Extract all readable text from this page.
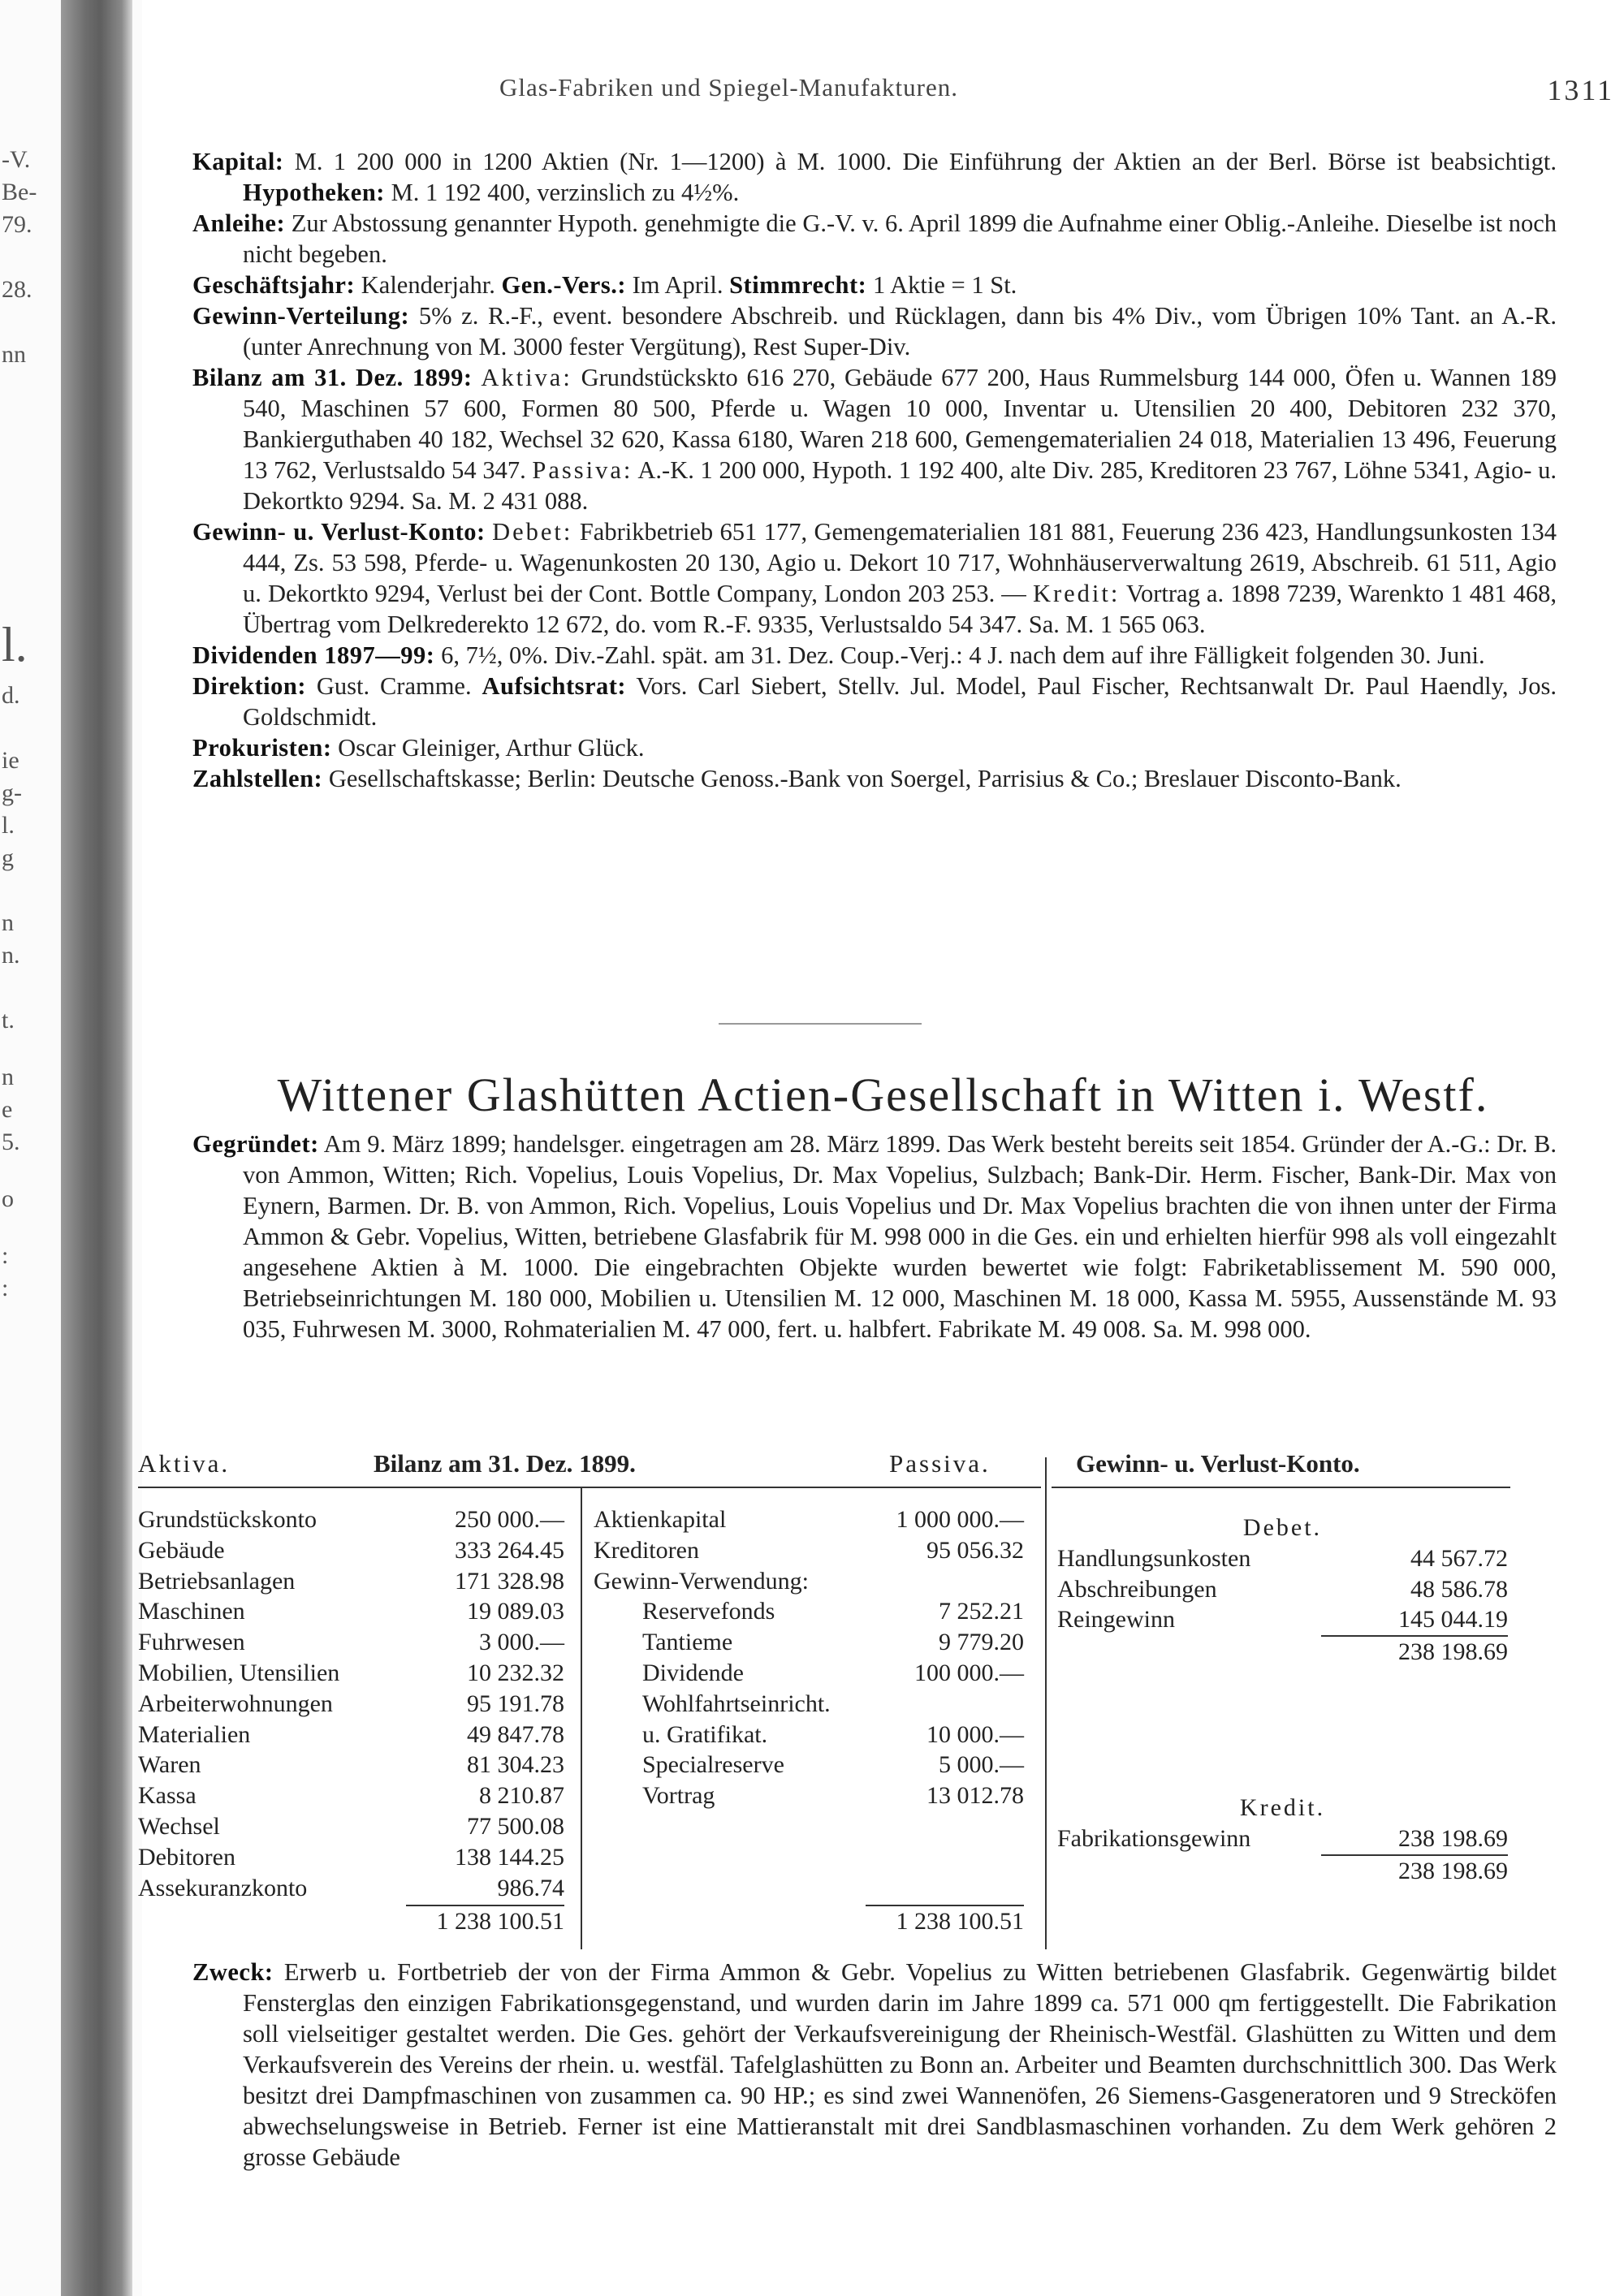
-V.
Be-
79.
28.
nn
l.
d.
ie
g-
l.
g
n
n.
t.
n
e
5.
o
:
:
Glas-Fabriken und Spiegel-Manufakturen.	1311

Kapital: M. 1 200 000 in 1200 Aktien (Nr. 1—1200) à M. 1000. Die Einführung der Aktien an der Berl. Börse ist beabsichtigt. Hypotheken: M. 1 192 400, verzinslich zu 4½%.

Anleihe: Zur Abstossung genannter Hypoth. genehmigte die G.-V. v. 6. April 1899 die Aufnahme einer Oblig.-Anleihe. Dieselbe ist noch nicht begeben.

Geschäftsjahr: Kalenderjahr. Gen.-Vers.: Im April. Stimmrecht: 1 Aktie = 1 St.

Gewinn-Verteilung: 5% z. R.-F., event. besondere Abschreib. und Rücklagen, dann bis 4% Div., vom Übrigen 10% Tant. an A.-R. (unter Anrechnung von M. 3000 fester Vergütung), Rest Super-Div.

Bilanz am 31. Dez. 1899: Aktiva: Grundstückskto 616 270, Gebäude 677 200, Haus Rummelsburg 144 000, Öfen u. Wannen 189 540, Maschinen 57 600, Formen 80 500, Pferde u. Wagen 10 000, Inventar u. Utensilien 20 400, Debitoren 232 370, Bankierguthaben 40 182, Wechsel 32 620, Kassa 6180, Waren 218 600, Gemengematerialien 24 018, Materialien 13 496, Feuerung 13 762, Verlustsaldo 54 347. Passiva: A.-K. 1 200 000, Hypoth. 1 192 400, alte Div. 285, Kreditoren 23 767, Löhne 5341, Agio- u. Dekortkto 9294. Sa. M. 2 431 088.

Gewinn- u. Verlust-Konto: Debet: Fabrikbetrieb 651 177, Gemengematerialien 181 881, Feuerung 236 423, Handlungsunkosten 134 444, Zs. 53 598, Pferde- u. Wagenunkosten 20 130, Agio u. Dekort 10 717, Wohnhäuserverwaltung 2619, Abschreib. 61 511, Agio u. Dekortkto 9294, Verlust bei der Cont. Bottle Company, London 203 253. — Kredit: Vortrag a. 1898 7239, Warenkto 1 481 468, Übertrag vom Delkrederekto 12 672, do. vom R.-F. 9335, Verlustsaldo 54 347. Sa. M. 1 565 063.

Dividenden 1897—99: 6, 7½, 0%. Div.-Zahl. spät. am 31. Dez. Coup.-Verj.: 4 J. nach dem auf ihre Fälligkeit folgenden 30. Juni.

Direktion: Gust. Cramme. Aufsichtsrat: Vors. Carl Siebert, Stellv. Jul. Model, Paul Fischer, Rechtsanwalt Dr. Paul Haendly, Jos. Goldschmidt.

Prokuristen: Oscar Gleiniger, Arthur Glück.

Zahlstellen: Gesellschaftskasse; Berlin: Deutsche Genoss.-Bank von Soergel, Parrisius & Co.; Breslauer Disconto-Bank.

Wittener Glashütten Actien-Gesellschaft in Witten i. Westf.

Gegründet: Am 9. März 1899; handelsger. eingetragen am 28. März 1899. Das Werk besteht bereits seit 1854. Gründer der A.-G.: Dr. B. von Ammon, Witten; Rich. Vopelius, Louis Vopelius, Dr. Max Vopelius, Sulzbach; Bank-Dir. Herm. Fischer, Bank-Dir. Max von Eynern, Barmen. Dr. B. von Ammon, Rich. Vopelius, Louis Vopelius und Dr. Max Vopelius brachten die von ihnen unter der Firma Ammon & Gebr. Vopelius, Witten, betriebene Glasfabrik für M. 998 000 in die Ges. ein und erhielten hierfür 998 als voll eingezahlt angesehene Aktien à M. 1000. Die eingebrachten Objekte wurden bewertet wie folgt: Fabriketablissement M. 590 000, Betriebseinrichtungen M. 180 000, Mobilien u. Utensilien M. 12 000, Maschinen M. 18 000, Kassa M. 5955, Aussenstände M. 93 035, Fuhrwesen M. 3000, Rohmaterialien M. 47 000, fert. u. halbfert. Fabrikate M. 49 008. Sa. M. 998 000.

Aktiva.	Bilanz am 31. Dez. 1899.	Passiva.	Gewinn- u. Verlust-Konto.
Grundstückskonto	250 000.—
Gebäude	333 264.45
Betriebsanlagen	171 328.98
Maschinen	19 089.03
Fuhrwesen	3 000.—
Mobilien, Utensilien	10 232.32
Arbeiterwohnungen	95 191.78
Materialien	49 847.78
Waren	81 304.23
Kassa	8 210.87
Wechsel	77 500.08
Debitoren	138 144.25
Assekuranzkonto	986.74
1 238 100.51
Aktienkapital	1 000 000.—
Kreditoren	95 056.32
Gewinn-Verwendung:
Reservefonds	7 252.21
Tantieme	9 779.20
Dividende	100 000.—
Wohlfahrtseinricht.
u. Gratifikat.	10 000.—
Specialreserve	5 000.—
Vortrag	13 012.78
1 238 100.51
Debet.
Handlungsunkosten	44 567.72
Abschreibungen	48 586.78
Reingewinn	145 044.19
238 198.69
Kredit.
Fabrikationsgewinn	238 198.69
238 198.69

Zweck: Erwerb u. Fortbetrieb der von der Firma Ammon & Gebr. Vopelius zu Witten betriebenen Glasfabrik. Gegenwärtig bildet Fensterglas den einzigen Fabrikationsgegenstand, und wurden darin im Jahre 1899 ca. 571 000 qm fertiggestellt. Die Fabrikation soll vielseitiger gestaltet werden. Die Ges. gehört der Verkaufsvereinigung der Rheinisch-Westfäl. Glashütten zu Witten und dem Verkaufsverein des Vereins der rhein. u. westfäl. Tafelglashütten zu Bonn an. Arbeiter und Beamten durchschnittlich 300. Das Werk besitzt drei Dampfmaschinen von zusammen ca. 90 HP.; es sind zwei Wannenöfen, 26 Siemens-Gasgeneratoren und 9 Strecköfen abwechselungsweise in Betrieb. Ferner ist eine Mattieranstalt mit drei Sandblasmaschinen vorhanden. Zu dem Werk gehören 2 grosse Gebäude
